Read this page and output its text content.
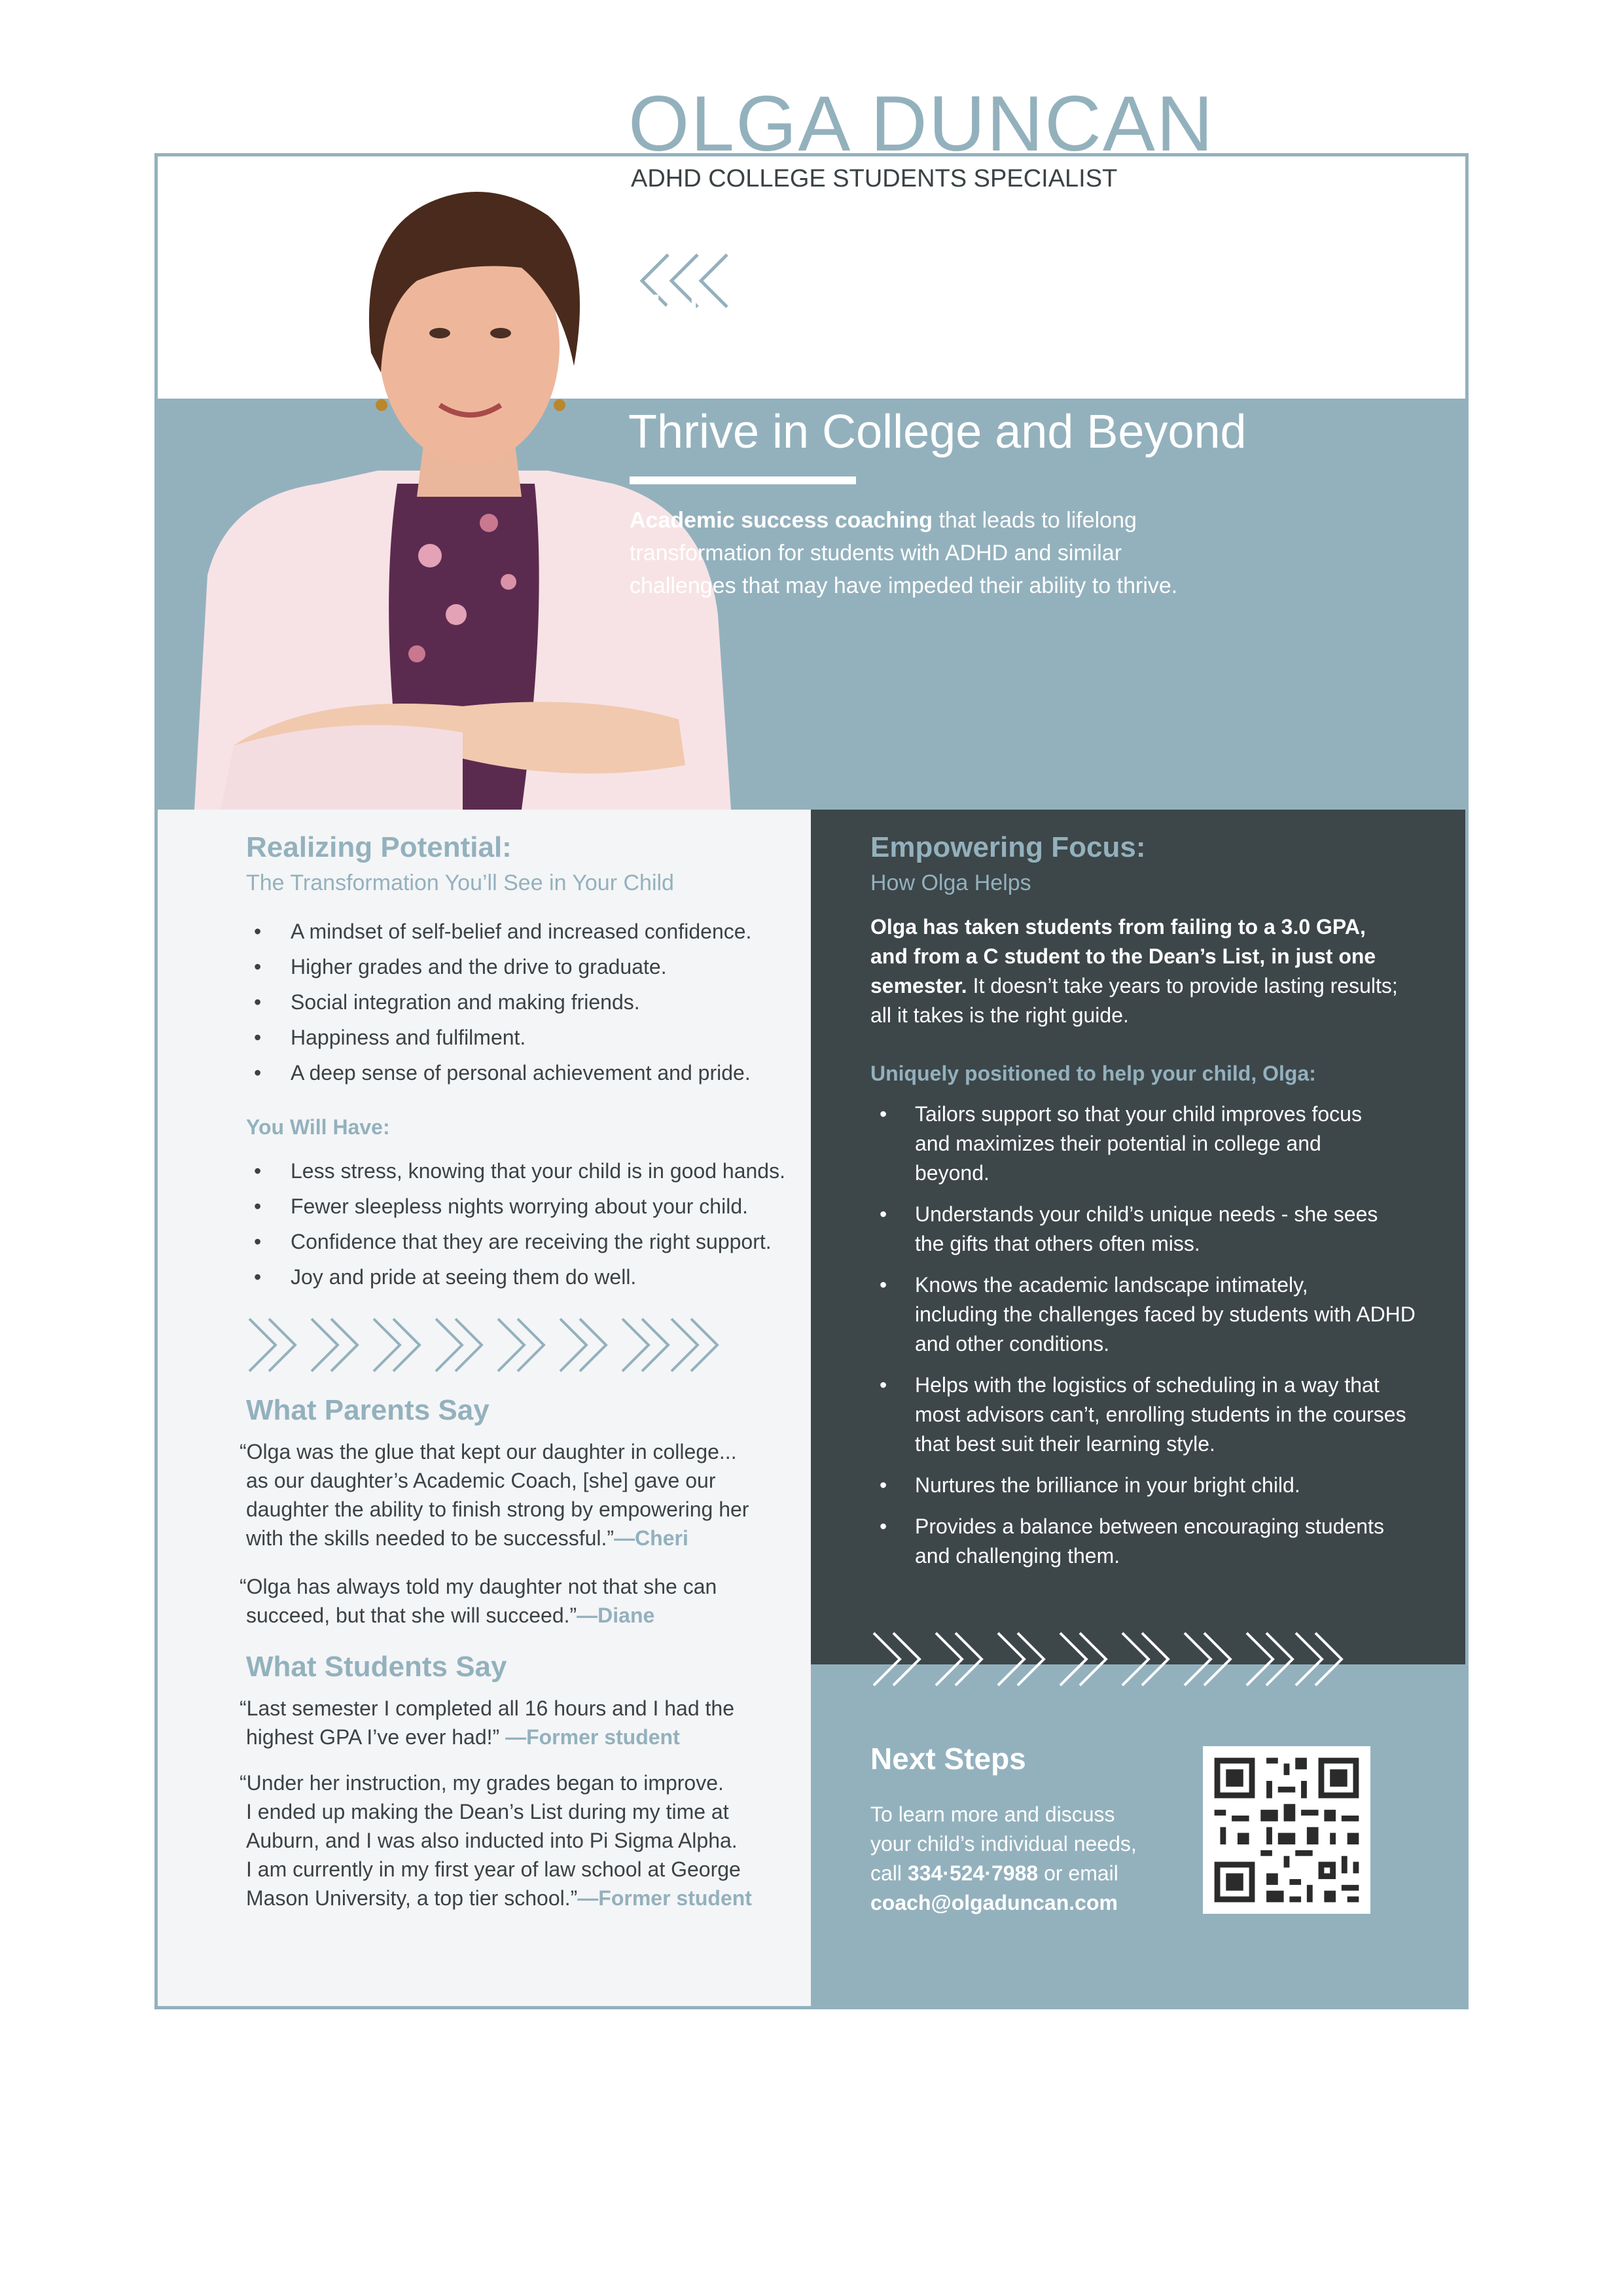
OLGA DUNCAN
ADHD COLLEGE STUDENTS SPECIALIST
Helping Your Child with ADHD
or Other Learning Challenges
Thrive in College and Beyond
Academic success coaching that leads to lifelong
transformation for students with ADHD and similar
challenges that may have impeded their ability to thrive.
Realizing Potential:
The Transformation You’ll See in Your Child
• A mindset of self-belief and increased confidence.
• Higher grades and the drive to graduate.
• Social integration and making friends.
• Happiness and fulfilment.
• A deep sense of personal achievement and pride.
You Will Have:
• Less stress, knowing that your child is in good hands.
• Fewer sleepless nights worrying about your child.
• Confidence that they are receiving the right support.
• Joy and pride at seeing them do well.
What Parents Say
“Olga was the glue that kept our daughter in college...
as our daughter’s Academic Coach, [she] gave our
daughter the ability to finish strong by empowering her
with the skills needed to be successful.”—Cheri
“Olga has always told my daughter not that she can
succeed, but that she will succeed.”—Diane
What Students Say
“Last semester I completed all 16 hours and I had the
highest GPA I’ve ever had!” —Former student
“Under her instruction, my grades began to improve.
I ended up making the Dean’s List during my time at
Auburn, and I was also inducted into Pi Sigma Alpha.
I am currently in my first year of law school at George
Mason University, a top tier school.”—Former student
Empowering Focus:
How Olga Helps
Olga has taken students from failing to a 3.0 GPA,
and from a C student to the Dean’s List, in just one
semester. It doesn’t take years to provide lasting results;
all it takes is the right guide.
Uniquely positioned to help your child, Olga:
• Tailors support so that your child improves focus
and maximizes their potential in college and
beyond.
• Understands your child’s unique needs - she sees
the gifts that others often miss.
• Knows the academic landscape intimately,
including the challenges faced by students with ADHD
and other conditions.
• Helps with the logistics of scheduling in a way that
most advisors can’t, enrolling students in the courses
that best suit their learning style.
• Nurtures the brilliance in your bright child.
• Provides a balance between encouraging students
and challenging them.
Next Steps
To learn more and discuss
your child’s individual needs,
call 334·524·7988 or email
coach@olgaduncan.com
